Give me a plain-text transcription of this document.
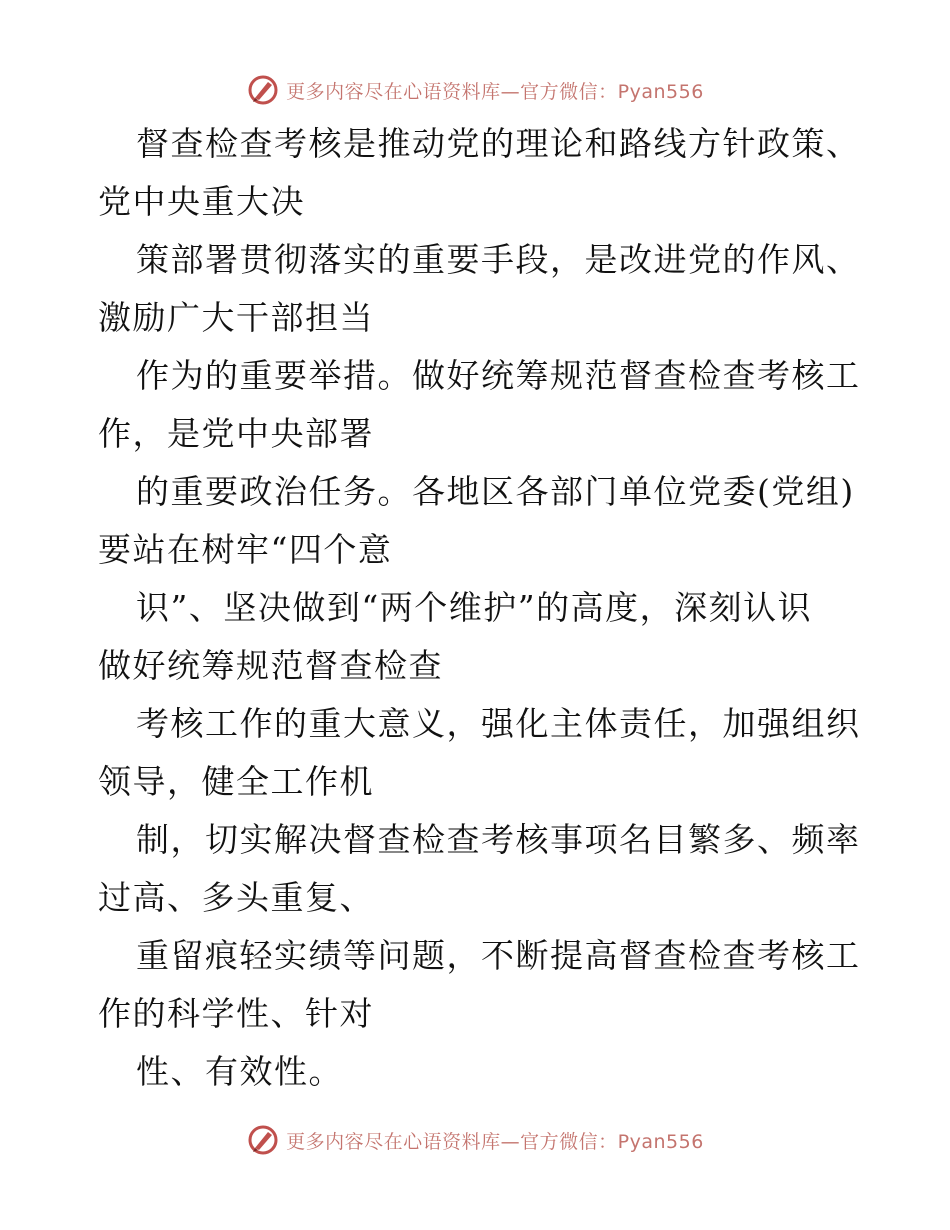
更多内容尽在心语资料库—官方微信：Pyan556

督查检查考核是推动党的理论和路线方针政策、
党中央重大决

策部署贯彻落实的重要手段，是改进党的作风、
激励广大干部担当

作为的重要举措。做好统筹规范督查检查考核工
作，是党中央部署

的重要政治任务。各地区各部门单位党委(党组)
要站在树牢“四个意

识”、坚决做到“两个维护”的高度，深刻认识
做好统筹规范督查检查

考核工作的重大意义，强化主体责任，加强组织
领导，健全工作机

制，切实解决督查检查考核事项名目繁多、频率
过高、多头重复、

重留痕轻实绩等问题，不断提高督查检查考核工
作的科学性、针对

性、有效性。

更多内容尽在心语资料库—官方微信：Pyan556
